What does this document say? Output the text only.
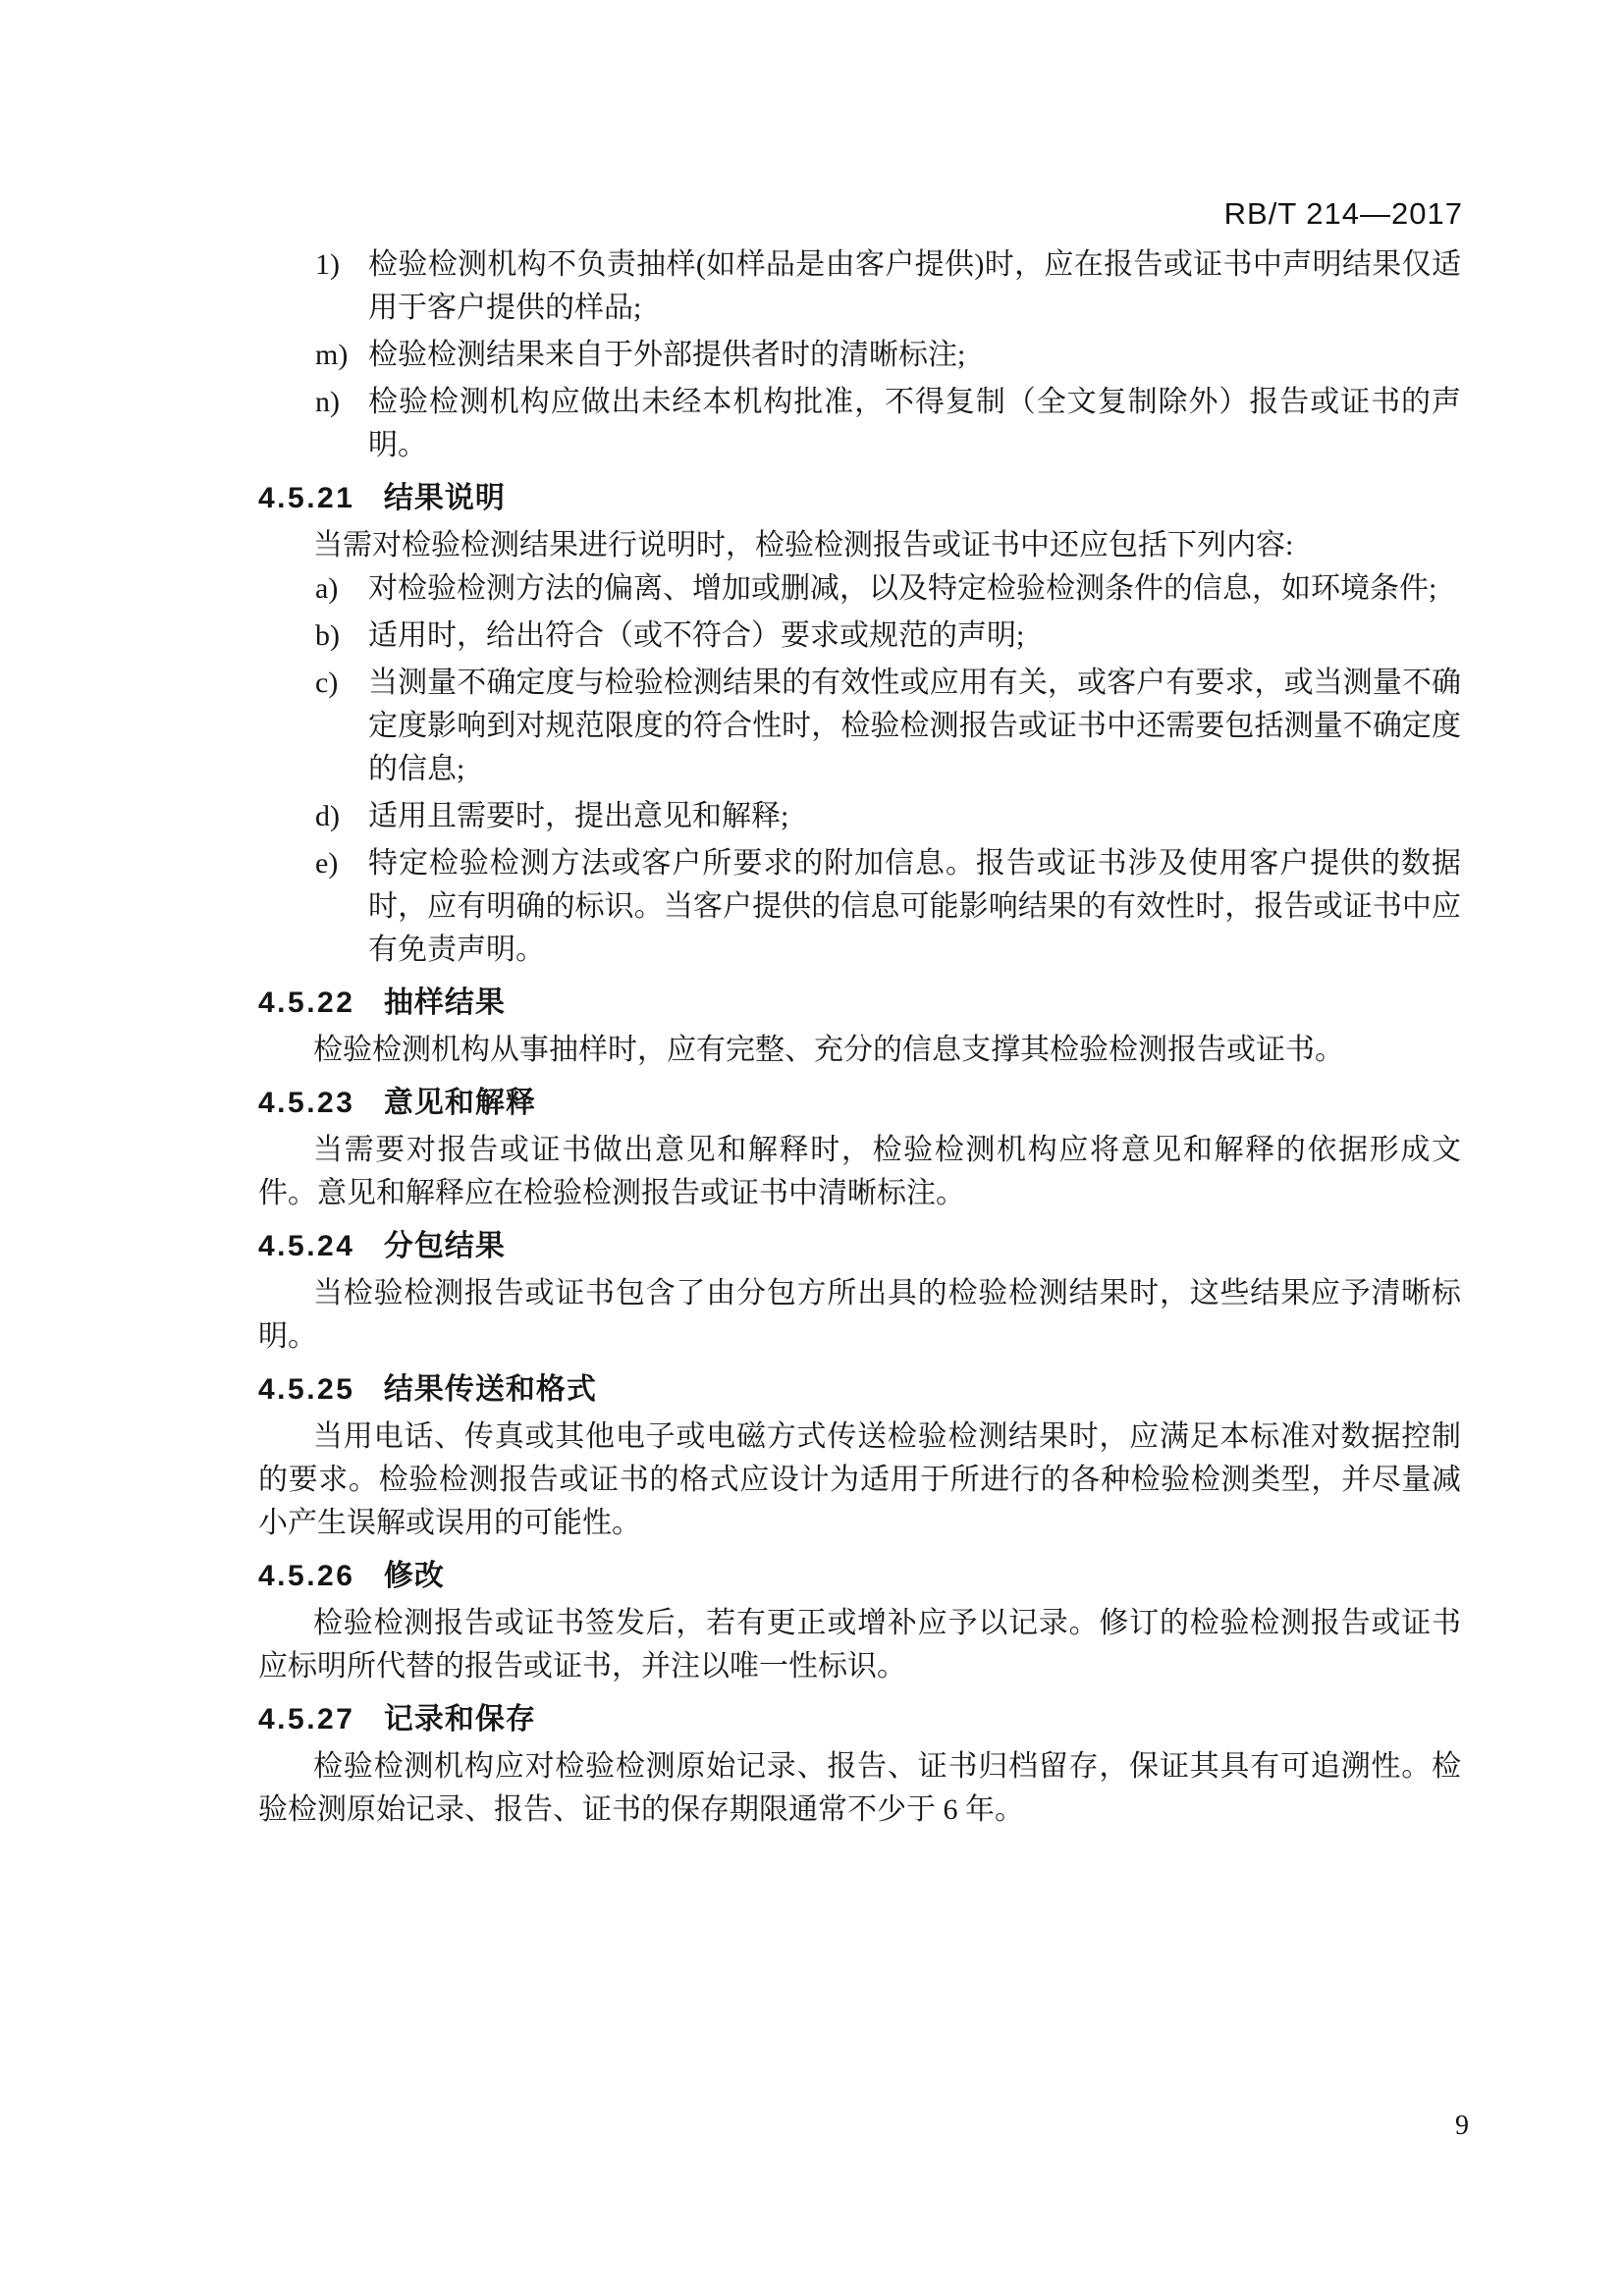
RB/T 214—2017
1) 检验检测机构不负责抽样(如样品是由客户提供)时，应在报告或证书中声明结果仅适用于客户提供的样品;
m) 检验检测结果来自于外部提供者时的清晰标注;
n) 检验检测机构应做出未经本机构批准，不得复制（全文复制除外）报告或证书的声明。
4.5.21 结果说明

当需对检验检测结果进行说明时，检验检测报告或证书中还应包括下列内容:

a) 对检验检测方法的偏离、增加或删减，以及特定检验检测条件的信息，如环境条件;
b) 适用时，给出符合（或不符合）要求或规范的声明;
c) 当测量不确定度与检验检测结果的有效性或应用有关，或客户有要求，或当测量不确定度影响到对规范限度的符合性时，检验检测报告或证书中还需要包括测量不确定度的信息;
d) 适用且需要时，提出意见和解释;
e) 特定检验检测方法或客户所要求的附加信息。报告或证书涉及使用客户提供的数据时，应有明确的标识。当客户提供的信息可能影响结果的有效性时，报告或证书中应有免责声明。
4.5.22 抽样结果

检验检测机构从事抽样时，应有完整、充分的信息支撑其检验检测报告或证书。

4.5.23 意见和解释

当需要对报告或证书做出意见和解释时，检验检测机构应将意见和解释的依据形成文件。意见和解释应在检验检测报告或证书中清晰标注。

4.5.24 分包结果

当检验检测报告或证书包含了由分包方所出具的检验检测结果时，这些结果应予清晰标明。

4.5.25 结果传送和格式

当用电话、传真或其他电子或电磁方式传送检验检测结果时，应满足本标准对数据控制的要求。检验检测报告或证书的格式应设计为适用于所进行的各种检验检测类型，并尽量减小产生误解或误用的可能性。

4.5.26 修改

检验检测报告或证书签发后，若有更正或增补应予以记录。修订的检验检测报告或证书应标明所代替的报告或证书，并注以唯一性标识。

4.5.27 记录和保存

检验检测机构应对检验检测原始记录、报告、证书归档留存，保证其具有可追溯性。检验检测原始记录、报告、证书的保存期限通常不少于 6 年。

9
